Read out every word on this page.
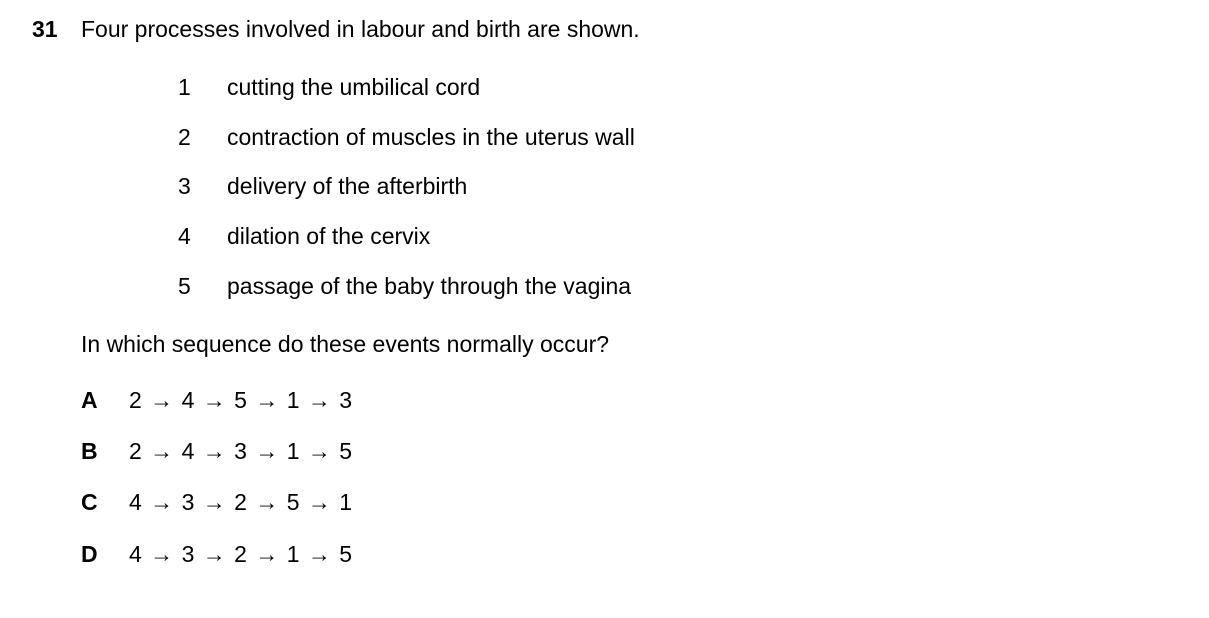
31 Four processes involved in labour and birth are shown.
1	cutting the umbilical cord
2	contraction of muscles in the uterus wall
3	delivery of the afterbirth
4	dilation of the cervix
5	passage of the baby through the vagina
In which sequence do these events normally occur?
A 2 → 4 → 5 → 1 → 3
B 2 → 4 → 3 → 1 → 5
C 4 → 3 → 2 → 5 → 1
D 4 → 3 → 2 → 1 → 5
